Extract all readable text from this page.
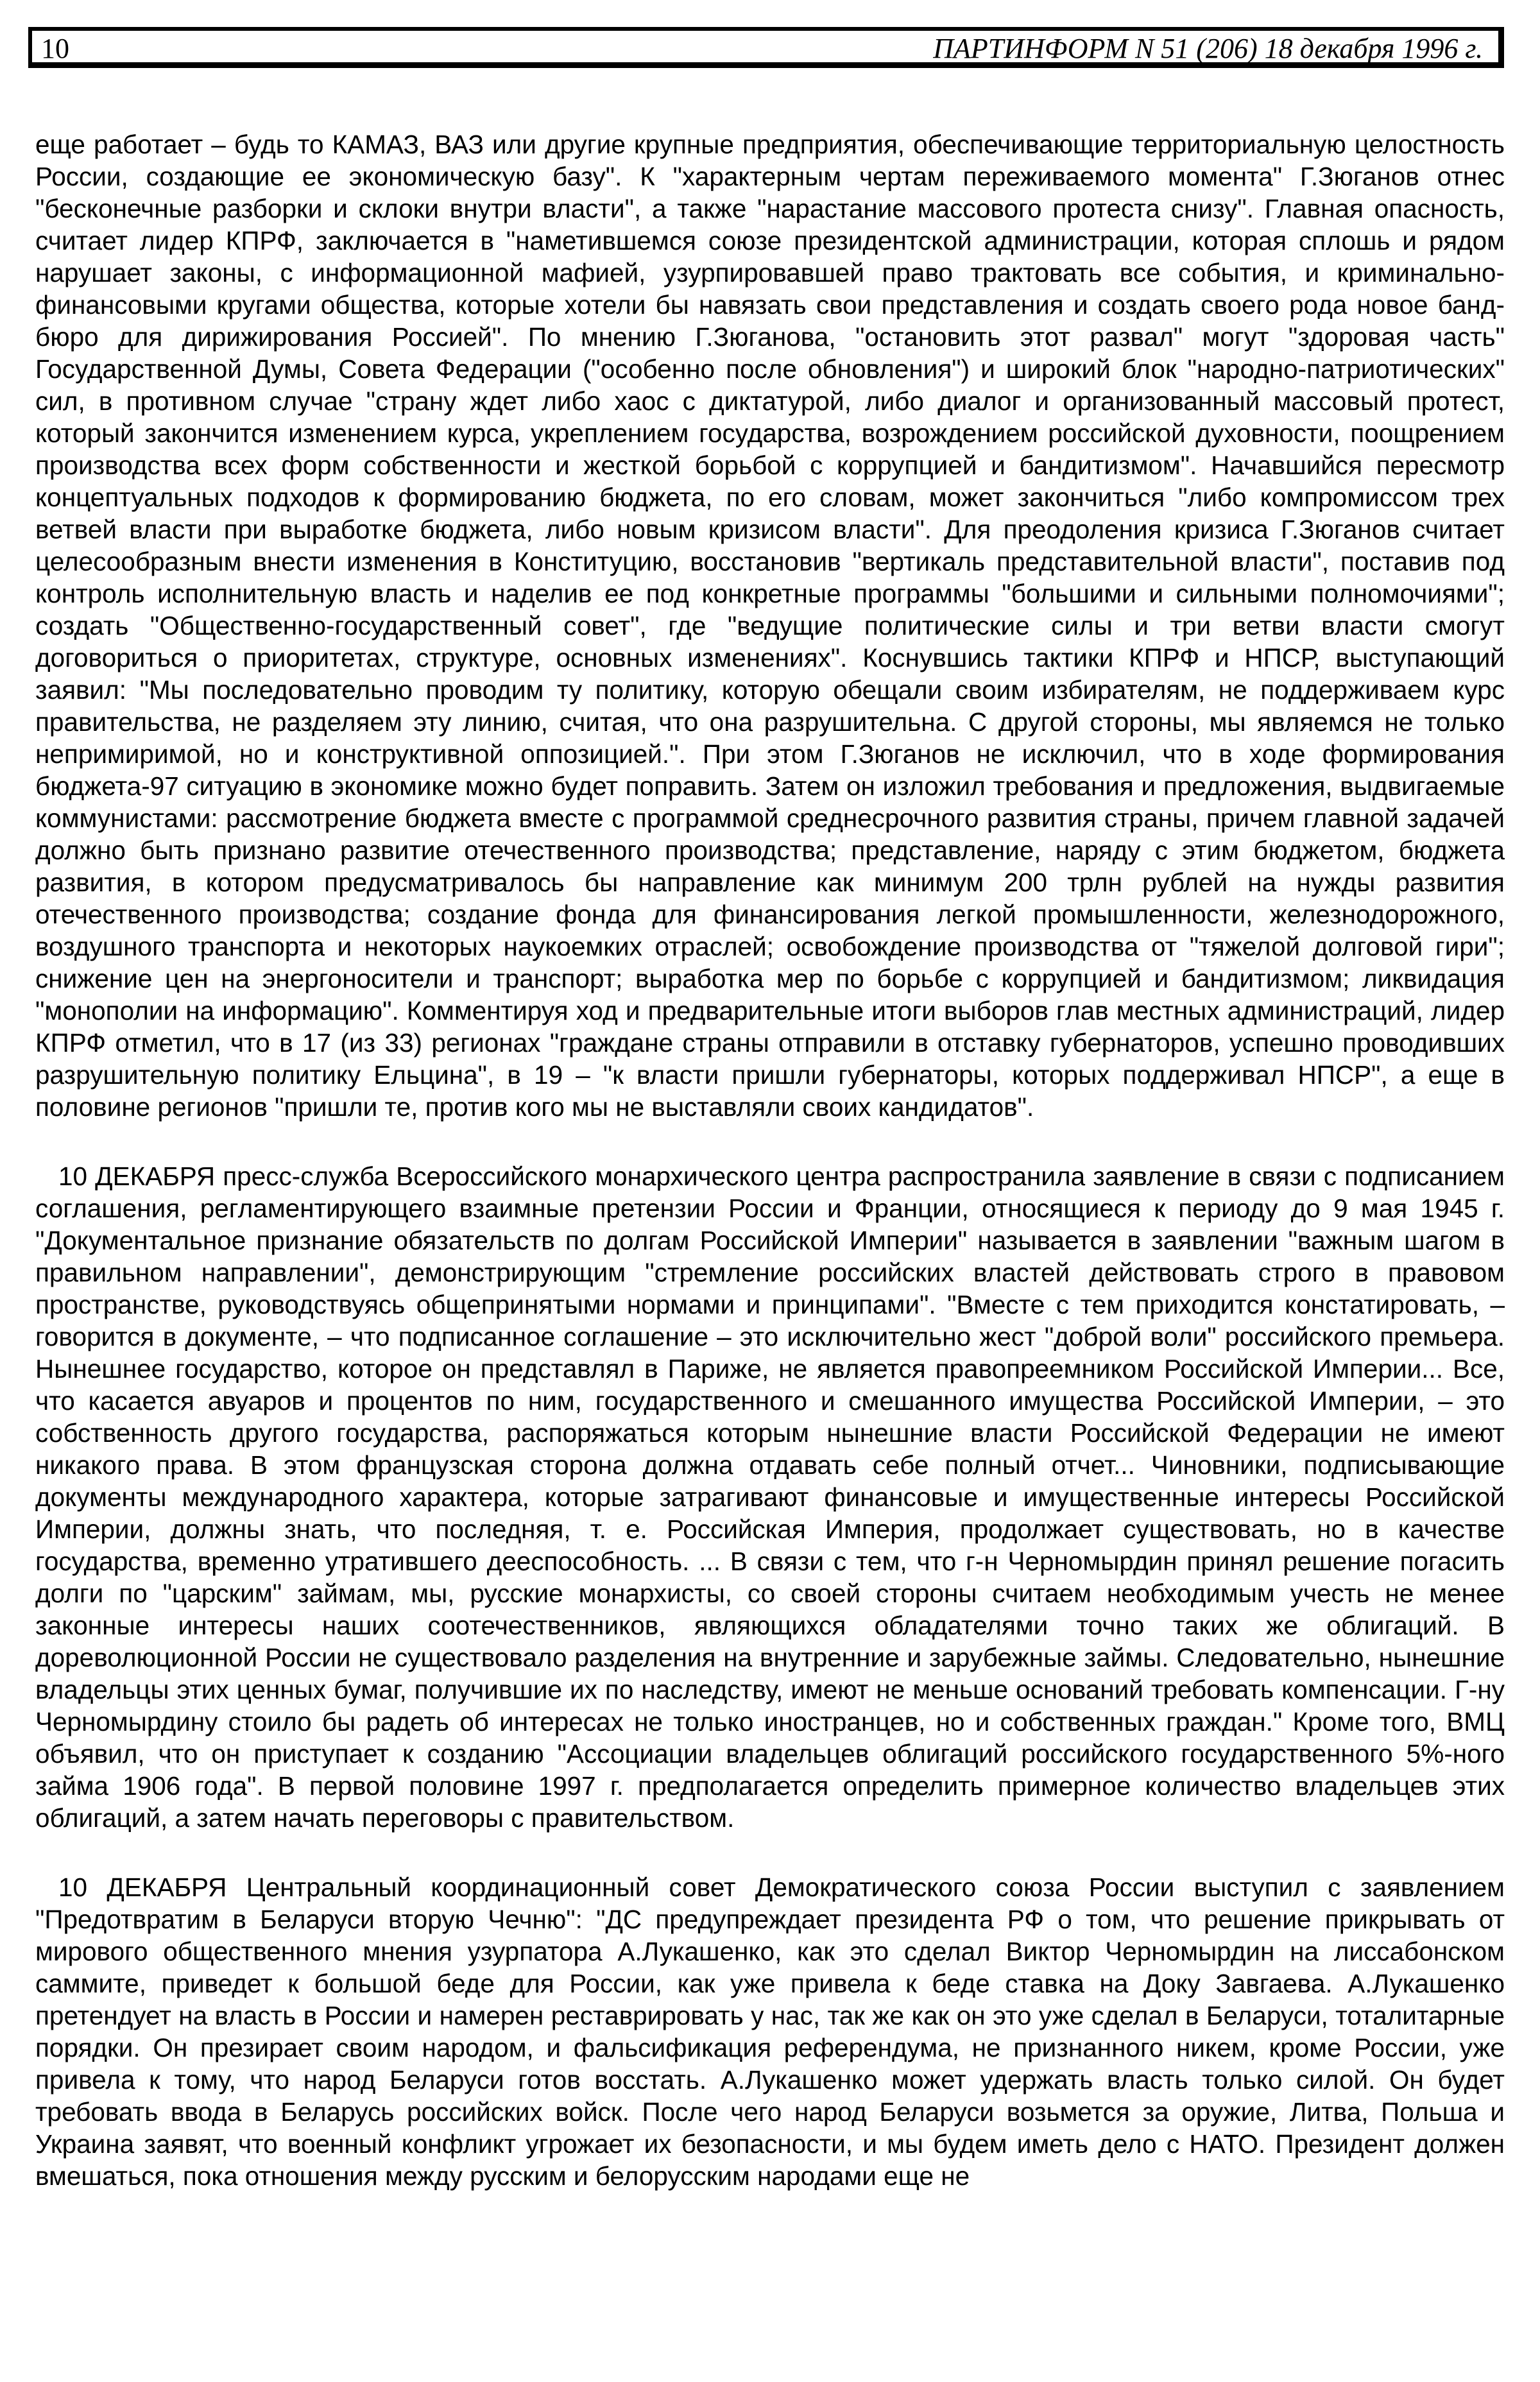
10	ПАРТИНФОРМ N 51 (206) 18 декабря 1996 г.

еще работает – будь то КАМАЗ, ВАЗ или другие крупные предприятия, обеспечивающие территориальную целостность России, создающие ее экономическую базу". К "характерным чертам переживаемого момента" Г.Зюганов отнес "бесконечные разборки и склоки внутри власти", а также "нарастание массового протеста снизу". Главная опасность, считает лидер КПРФ, заключается в "наметившемся союзе президентской администрации, которая сплошь и рядом нарушает законы, с информационной мафией, узурпировавшей право трактовать все события, и криминально-финансовыми кругами общества, которые хотели бы навязать свои представления и создать своего рода новое банд-бюро для дирижирования Россией". По мнению Г.Зюганова, "остановить этот развал" могут "здоровая часть" Государственной Думы, Совета Федерации ("особенно после обновления") и широкий блок "народно-патриотических" сил, в противном случае "страну ждет либо хаос с диктатурой, либо диалог и организованный массовый протест, который закончится изменением курса, укреплением государства, возрождением российской духовности, поощрением производства всех форм собственности и жесткой борьбой с коррупцией и бандитизмом". Начавшийся пересмотр концептуальных подходов к формированию бюджета, по его словам, может закончиться "либо компромиссом трех ветвей власти при выработке бюджета, либо новым кризисом власти". Для преодоления кризиса Г.Зюганов считает целесообразным внести изменения в Конституцию, восстановив "вертикаль представительной власти", поставив под контроль исполнительную власть и наделив ее под конкретные программы "большими и сильными полномочиями"; создать "Общественно-государственный совет", где "ведущие политические силы и три ветви власти смогут договориться о приоритетах, структуре, основных изменениях". Коснувшись тактики КПРФ и НПСР, выступающий заявил: "Мы последовательно проводим ту политику, которую обещали своим избирателям, не поддерживаем курс правительства, не разделяем эту линию, считая, что она разрушительна. С другой стороны, мы являемся не только непримиримой, но и конструктивной оппозицией.". При этом Г.Зюганов не исключил, что в ходе формирования бюджета-97 ситуацию в экономике можно будет поправить. Затем он изложил требования и предложения, выдвигаемые коммунистами: рассмотрение бюджета вместе с программой среднесрочного развития страны, причем главной задачей должно быть признано развитие отечественного производства; представление, наряду с этим бюджетом, бюджета развития, в котором предусматривалось бы направление как минимум 200 трлн рублей на нужды развития отечественного производства; создание фонда для финансирования легкой промышленности, железнодорожного, воздушного транспорта и некоторых наукоемких отраслей; освобождение производства от "тяжелой долговой гири"; снижение цен на энергоносители и транспорт; выработка мер по борьбе с коррупцией и бандитизмом; ликвидация "монополии на информацию". Комментируя ход и предварительные итоги выборов глав местных администраций, лидер КПРФ отметил, что в 17 (из 33) регионах "граждане страны отправили в отставку губернаторов, успешно проводивших разрушительную политику Ельцина", в 19 – "к власти пришли губернаторы, которых поддерживал НПСР", а еще в половине регионов "пришли те, против кого мы не выставляли своих кандидатов".

10 ДЕКАБРЯ пресс-служба Всероссийского монархического центра распространила заявление в связи с подписанием соглашения, регламентирующего взаимные претензии России и Франции, относящиеся к периоду до 9 мая 1945 г. "Документальное признание обязательств по долгам Российской Империи" называется в заявлении "важным шагом в правильном направлении", демонстрирующим "стремление российских властей действовать строго в правовом пространстве, руководствуясь общепринятыми нормами и принципами". "Вместе с тем приходится констатировать, – говорится в документе, – что подписанное соглашение – это исключительно жест "доброй воли" российского премьера. Нынешнее государство, которое он представлял в Париже, не является правопреемником Российской Империи... Все, что касается авуаров и процентов по ним, государственного и смешанного имущества Российской Империи, – это собственность другого государства, распоряжаться которым нынешние власти Российской Федерации не имеют никакого права. В этом французская сторона должна отдавать себе полный отчет... Чиновники, подписывающие документы международного характера, которые затрагивают финансовые и имущественные интересы Российской Империи, должны знать, что последняя, т. е. Российская Империя, продолжает существовать, но в качестве государства, временно утратившего дееспособность. ... В связи с тем, что г-н Черномырдин принял решение погасить долги по "царским" займам, мы, русские монархисты, со своей стороны считаем необходимым учесть не менее законные интересы наших соотечественников, являющихся обладателями точно таких же облигаций. В дореволюционной России не существовало разделения на внутренние и зарубежные займы. Следовательно, нынешние владельцы этих ценных бумаг, получившие их по наследству, имеют не меньше оснований требовать компенсации. Г-ну Черномырдину стоило бы радеть об интересах не только иностранцев, но и собственных граждан." Кроме того, ВМЦ объявил, что он приступает к созданию "Ассоциации владельцев облигаций российского государственного 5%-ного займа 1906 года". В первой половине 1997 г. предполагается определить примерное количество владельцев этих облигаций, а затем начать переговоры с правительством.

10 ДЕКАБРЯ Центральный координационный совет Демократического союза России выступил с заявлением "Предотвратим в Беларуси вторую Чечню": "ДС предупреждает президента РФ о том, что решение прикрывать от мирового общественного мнения узурпатора А.Лукашенко, как это сделал Виктор Черномырдин на лиссабонском саммите, приведет к большой беде для России, как уже привела к беде ставка на Доку Завгаева. А.Лукашенко претендует на власть в России и намерен реставрировать у нас, так же как он это уже сделал в Беларуси, тоталитарные порядки. Он презирает своим народом, и фальсификация референдума, не признанного никем, кроме России, уже привела к тому, что народ Беларуси готов восстать. А.Лукашенко может удержать власть только силой. Он будет требовать ввода в Беларусь российских войск. После чего народ Беларуси возьмется за оружие, Литва, Польша и Украина заявят, что военный конфликт угрожает их безопасности, и мы будем иметь дело с НАТО. Президент должен вмешаться, пока отношения между русским и белорусским народами еще не
